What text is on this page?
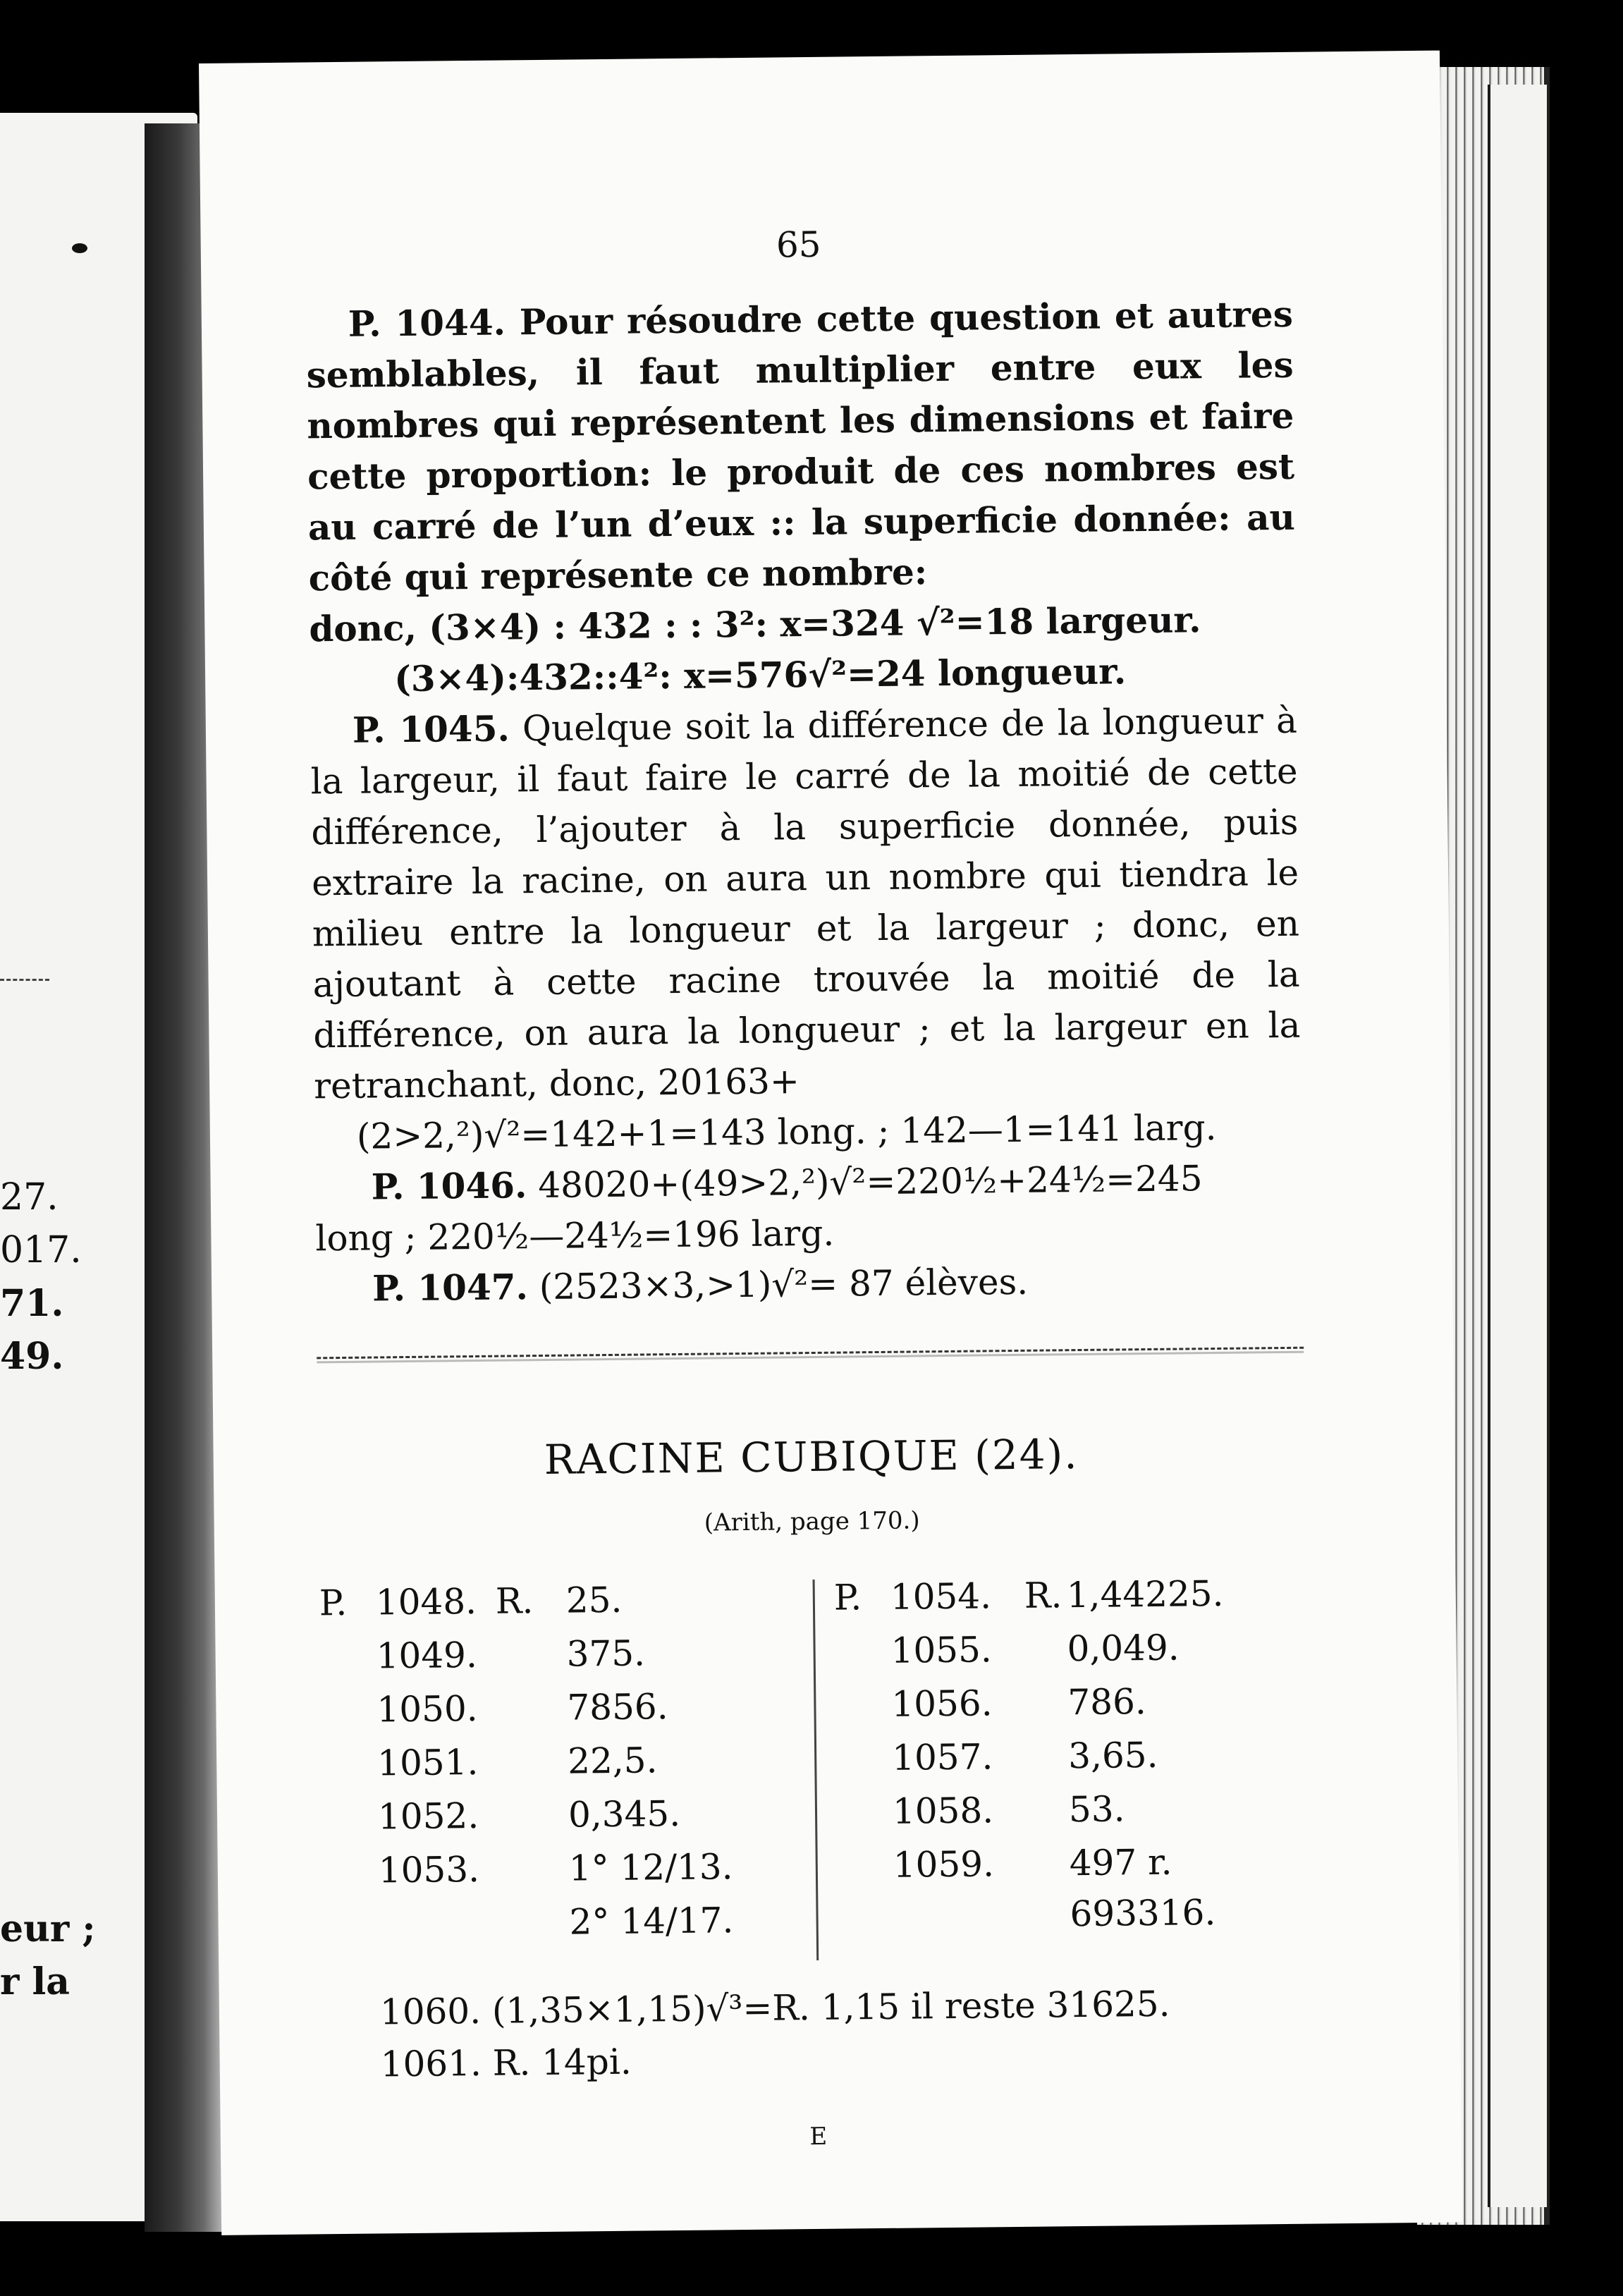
27.
017.
71.
49.
eur ;
r la
65

P. 1044. Pour résoudre cette question et autres semblables, il faut multiplier entre eux les nombres qui représentent les dimensions et faire cette proportion: le produit de ces nombres est au carré de l’un d’eux :: la superficie donnée: au côté qui représente ce nombre:
donc, (3×4) : 432 : : 3²: x=324 √²=18 largeur.
(3×4):432::4²: x=576√²=24 longueur.

P. 1045. Quelque soit la différence de la longueur à la largeur, il faut faire le carré de la moitié de cette différence, l’ajouter à la superficie donnée, puis extraire la racine, on aura un nombre qui tiendra le milieu entre la longueur et la largeur ; donc, en ajoutant à cette racine trouvée la moitié de la différence, on aura la longueur ; et la largeur en la retranchant, donc, 20163+
(2>2,²)√²=142+1=143 long. ; 142—1=141 larg.

P. 1046. 48020+(49>2,²)√²=220½+24½=245
long ; 220½—24½=196 larg.

P. 1047. (2523×3,>1)√²= 87 élèves.

RACINE CUBIQUE (24).
(Arith, page 170.)
P. 1048. R. 25.
1049.	375.
1050.	7856.
1051.	22,5.
1052.	0,345.
1053.	1° 12/13.
2° 14/17.
P. 1054. R. 1,44225.
1055.	0,049.
1056.	786.
1057.	3,65.
1058.	53.
1059.	497 r. 693316.
1060. (1,35×1,15)√³=R. 1,15 il reste 31625.
1061. R. 14pi.
E
